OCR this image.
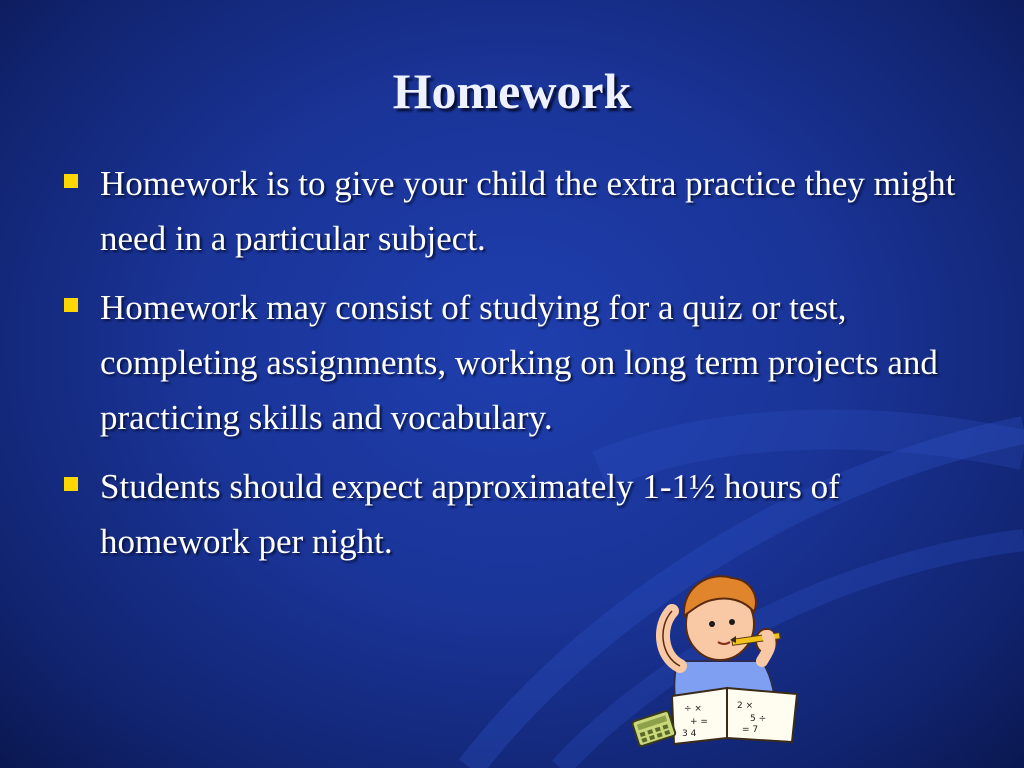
Homework
Homework is to give your child the extra practice they might need in a particular subject.
Homework may consist of studying for a quiz or test, completing assignments, working on long term projects and practicing skills and vocabulary.
Students should expect approximately 1-1½ hours of homework per night.
÷ ×
+ =
3 4
2 ×
5 ÷
= 7
